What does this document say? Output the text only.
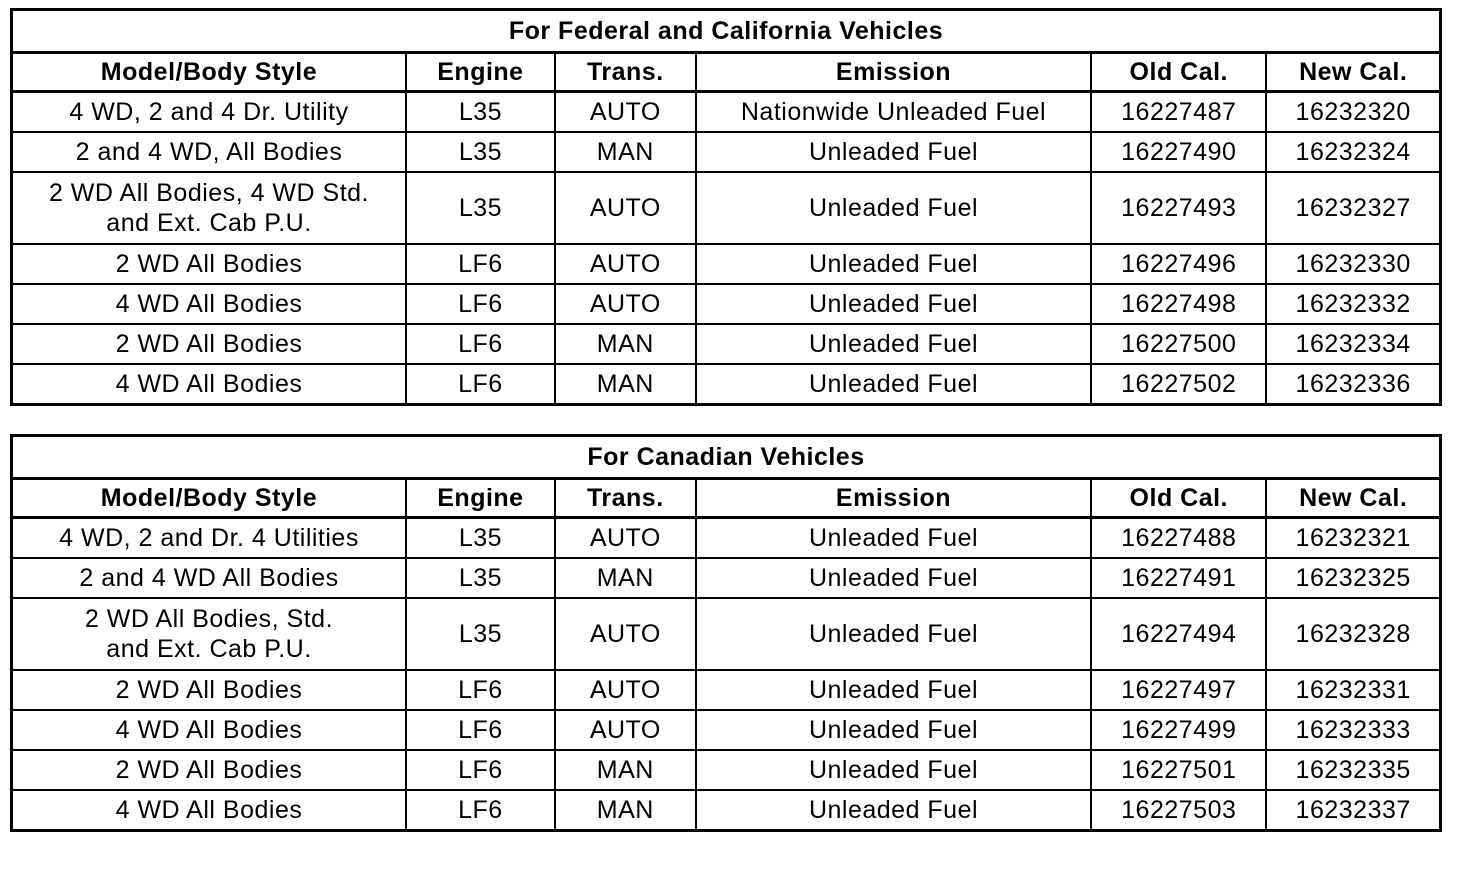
For Federal and California Vehicles					
Model/Body Style	Engine	Trans.	Emission	Old Cal.	New Cal.
4 WD, 2 and 4 Dr. Utility	L35	AUTO	Nationwide Unleaded Fuel	16227487	16232320
2 and 4 WD, All Bodies	L35	MAN	Unleaded Fuel	16227490	16232324
2 WD All Bodies, 4 WD Std.
and Ext. Cab P.U.	L35	AUTO	Unleaded Fuel	16227493	16232327
2 WD All Bodies	LF6	AUTO	Unleaded Fuel	16227496	16232330
4 WD All Bodies	LF6	AUTO	Unleaded Fuel	16227498	16232332
2 WD All Bodies	LF6	MAN	Unleaded Fuel	16227500	16232334
4 WD All Bodies	LF6	MAN	Unleaded Fuel	16227502	16232336
For Canadian Vehicles					
Model/Body Style	Engine	Trans.	Emission	Old Cal.	New Cal.
4 WD, 2 and Dr. 4 Utilities	L35	AUTO	Unleaded Fuel	16227488	16232321
2 and 4 WD All Bodies	L35	MAN	Unleaded Fuel	16227491	16232325
2 WD All Bodies, Std.
and Ext. Cab P.U.	L35	AUTO	Unleaded Fuel	16227494	16232328
2 WD All Bodies	LF6	AUTO	Unleaded Fuel	16227497	16232331
4 WD All Bodies	LF6	AUTO	Unleaded Fuel	16227499	16232333
2 WD All Bodies	LF6	MAN	Unleaded Fuel	16227501	16232335
4 WD All Bodies	LF6	MAN	Unleaded Fuel	16227503	16232337
